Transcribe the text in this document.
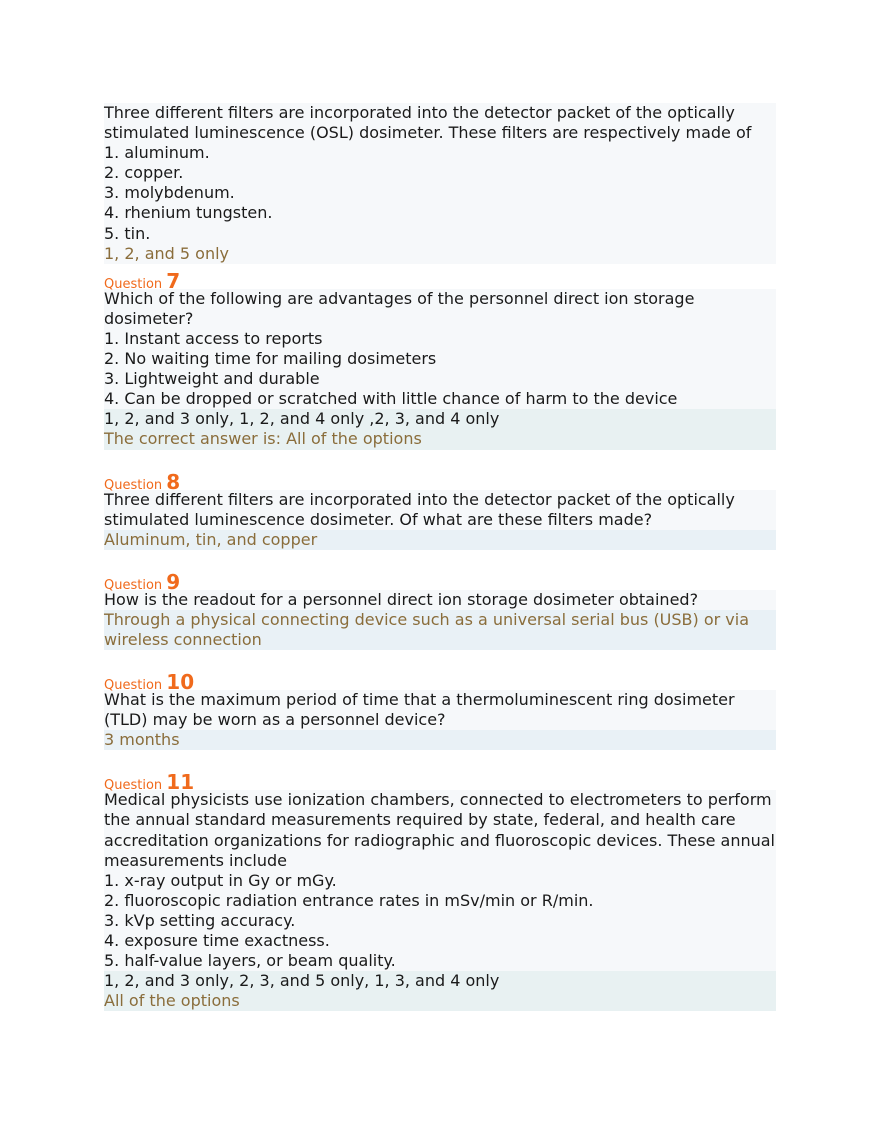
Three different filters are incorporated into the detector packet of the optically stimulated luminescence (OSL) dosimeter. These filters are respectively made of
1. aluminum.
2. copper.
3. molybdenum.
4. rhenium tungsten.
5. tin.
1, 2, and 5 only
Question 7
Which of the following are advantages of the personnel direct ion storage dosimeter?
1. Instant access to reports
2. No waiting time for mailing dosimeters
3. Lightweight and durable
4. Can be dropped or scratched with little chance of harm to the device
1, 2, and 3 only, 1, 2, and 4 only ,2, 3, and 4 only
The correct answer is: All of the options
Question 8
Three different filters are incorporated into the detector packet of the optically stimulated luminescence dosimeter. Of what are these filters made?
Aluminum, tin, and copper
Question 9
How is the readout for a personnel direct ion storage dosimeter obtained?
Through a physical connecting device such as a universal serial bus (USB) or via wireless connection
Question 10
What is the maximum period of time that a thermoluminescent ring dosimeter (TLD) may be worn as a personnel device?
3 months
Question 11
Medical physicists use ionization chambers, connected to electrometers to perform the annual standard measurements required by state, federal, and health care accreditation organizations for radiographic and fluoroscopic devices. These annual measurements include
1. x-ray output in Gy or mGy.
2. fluoroscopic radiation entrance rates in mSv/min or R/min.
3. kVp setting accuracy.
4. exposure time exactness.
5. half-value layers, or beam quality.
1, 2, and 3 only, 2, 3, and 5 only, 1, 3, and 4 only
All of the options
